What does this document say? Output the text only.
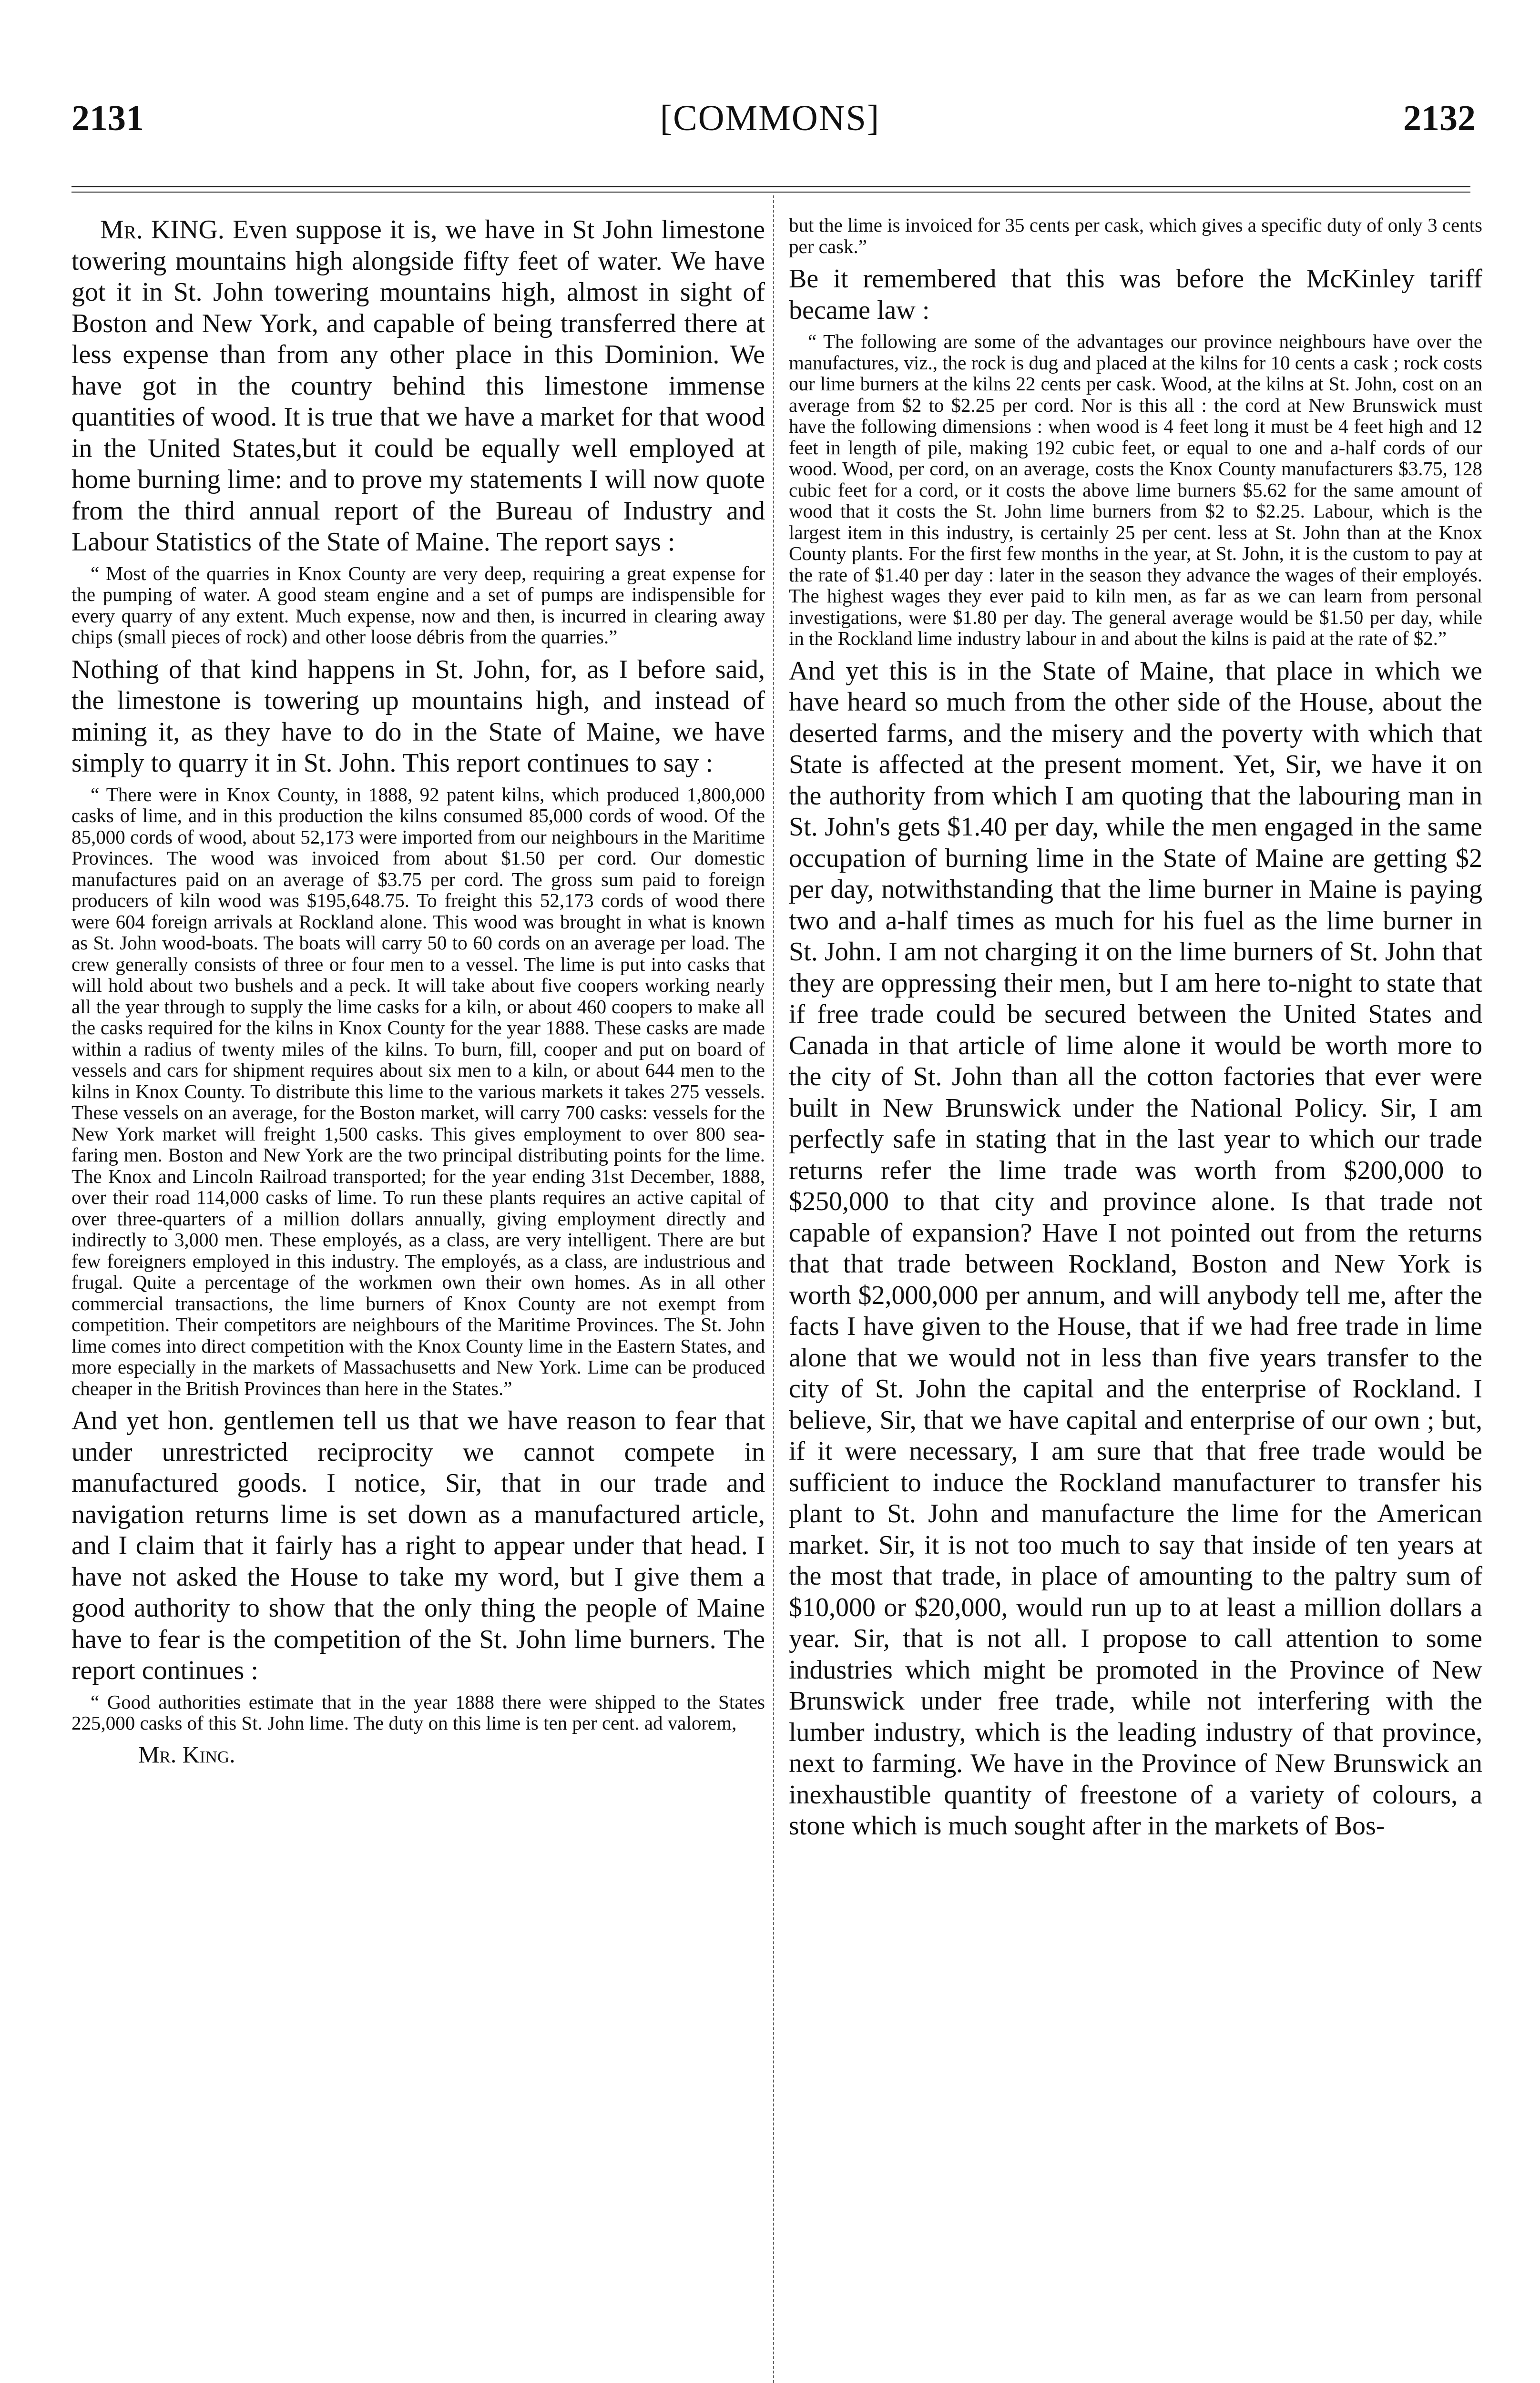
2131	[COMMONS]	2132

Mr. KING. Even suppose it is, we have in St John limestone towering mountains high alongside fifty feet of water. We have got it in St. John towering mountains high, almost in sight of Boston and New York, and capable of being transferred there at less expense than from any other place in this Dominion. We have got in the country behind this limestone immense quantities of wood. It is true that we have a market for that wood in the United States,but it could be equally well employed at home burning lime: and to prove my statements I will now quote from the third annual report of the Bureau of Industry and Labour Statistics of the State of Maine. The report says :

“ Most of the quarries in Knox County are very deep, requiring a great expense for the pumping of water. A good steam engine and a set of pumps are indispensible for every quarry of any extent. Much expense, now and then, is incurred in clearing away chips (small pieces of rock) and other loose débris from the quarries.”

Nothing of that kind happens in St. John, for, as I before said, the limestone is towering up mountains high, and instead of mining it, as they have to do in the State of Maine, we have simply to quarry it in St. John. This report continues to say :

“ There were in Knox County, in 1888, 92 patent kilns, which produced 1,800,000 casks of lime, and in this production the kilns consumed 85,000 cords of wood. Of the 85,000 cords of wood, about 52,173 were imported from our neighbours in the Maritime Provinces. The wood was invoiced from about $1.50 per cord. Our domestic manufactures paid on an average of $3.75 per cord. The gross sum paid to foreign producers of kiln wood was $195,648.75. To freight this 52,173 cords of wood there were 604 foreign arrivals at Rockland alone. This wood was brought in what is known as St. John wood-boats. The boats will carry 50 to 60 cords on an average per load. The crew generally consists of three or four men to a vessel. The lime is put into casks that will hold about two bushels and a peck. It will take about five coopers working nearly all the year through to supply the lime casks for a kiln, or about 460 coopers to make all the casks required for the kilns in Knox County for the year 1888. These casks are made within a radius of twenty miles of the kilns. To burn, fill, cooper and put on board of vessels and cars for shipment requires about six men to a kiln, or about 644 men to the kilns in Knox County. To distribute this lime to the various markets it takes 275 vessels. These vessels on an average, for the Boston market, will carry 700 casks: vessels for the New York market will freight 1,500 casks. This gives employment to over 800 sea-faring men. Boston and New York are the two principal distributing points for the lime. The Knox and Lincoln Railroad transported; for the year ending 31st December, 1888, over their road 114,000 casks of lime. To run these plants requires an active capital of over three-quarters of a million dollars annually, giving employment directly and indirectly to 3,000 men. These employés, as a class, are very intelligent. There are but few foreigners employed in this industry. The employés, as a class, are industrious and frugal. Quite a percentage of the workmen own their own homes. As in all other commercial transactions, the lime burners of Knox County are not exempt from competition. Their competitors are neighbours of the Maritime Provinces. The St. John lime comes into direct competition with the Knox County lime in the Eastern States, and more especially in the markets of Massachusetts and New York. Lime can be produced cheaper in the British Provinces than here in the States.”

And yet hon. gentlemen tell us that we have reason to fear that under unrestricted reciprocity we cannot compete in manufactured goods. I notice, Sir, that in our trade and navigation returns lime is set down as a manufactured article, and I claim that it fairly has a right to appear under that head. I have not asked the House to take my word, but I give them a good authority to show that the only thing the people of Maine have to fear is the competition of the St. John lime burners. The report continues :

“ Good authorities estimate that in the year 1888 there were shipped to the States 225,000 casks of this St. John lime. The duty on this lime is ten per cent. ad valorem,

Mr. King.

but the lime is invoiced for 35 cents per cask, which gives a specific duty of only 3 cents per cask.”

Be it remembered that this was before the McKinley tariff became law :

“ The following are some of the advantages our province neighbours have over the manufactures, viz., the rock is dug and placed at the kilns for 10 cents a cask ; rock costs our lime burners at the kilns 22 cents per cask. Wood, at the kilns at St. John, cost on an average from $2 to $2.25 per cord. Nor is this all : the cord at New Brunswick must have the following dimensions : when wood is 4 feet long it must be 4 feet high and 12 feet in length of pile, making 192 cubic feet, or equal to one and a-half cords of our wood. Wood, per cord, on an average, costs the Knox County manufacturers $3.75, 128 cubic feet for a cord, or it costs the above lime burners $5.62 for the same amount of wood that it costs the St. John lime burners from $2 to $2.25. Labour, which is the largest item in this industry, is certainly 25 per cent. less at St. John than at the Knox County plants. For the first few months in the year, at St. John, it is the custom to pay at the rate of $1.40 per day : later in the season they advance the wages of their employés. The highest wages they ever paid to kiln men, as far as we can learn from personal investigations, were $1.80 per day. The general average would be $1.50 per day, while in the Rockland lime industry labour in and about the kilns is paid at the rate of $2.”

And yet this is in the State of Maine, that place in which we have heard so much from the other side of the House, about the deserted farms, and the misery and the poverty with which that State is affected at the present moment. Yet, Sir, we have it on the authority from which I am quoting that the labouring man in St. John's gets $1.40 per day, while the men engaged in the same occupation of burning lime in the State of Maine are getting $2 per day, notwithstanding that the lime burner in Maine is paying two and a-half times as much for his fuel as the lime burner in St. John. I am not charging it on the lime burners of St. John that they are oppressing their men, but I am here to-night to state that if free trade could be secured between the United States and Canada in that article of lime alone it would be worth more to the city of St. John than all the cotton factories that ever were built in New Brunswick under the National Policy. Sir, I am perfectly safe in stating that in the last year to which our trade returns refer the lime trade was worth from $200,000 to $250,000 to that city and province alone. Is that trade not capable of expansion? Have I not pointed out from the returns that that trade between Rockland, Boston and New York is worth $2,000,000 per annum, and will anybody tell me, after the facts I have given to the House, that if we had free trade in lime alone that we would not in less than five years transfer to the city of St. John the capital and the enterprise of Rockland. I believe, Sir, that we have capital and enterprise of our own ; but, if it were necessary, I am sure that that free trade would be sufficient to induce the Rockland manufacturer to transfer his plant to St. John and manufacture the lime for the American market. Sir, it is not too much to say that inside of ten years at the most that trade, in place of amounting to the paltry sum of $10,000 or $20,000, would run up to at least a million dollars a year. Sir, that is not all. I propose to call attention to some industries which might be promoted in the Province of New Brunswick under free trade, while not interfering with the lumber industry, which is the leading industry of that province, next to farming. We have in the Province of New Brunswick an inexhaustible quantity of freestone of a variety of colours, a stone which is much sought after in the markets of Bos-
